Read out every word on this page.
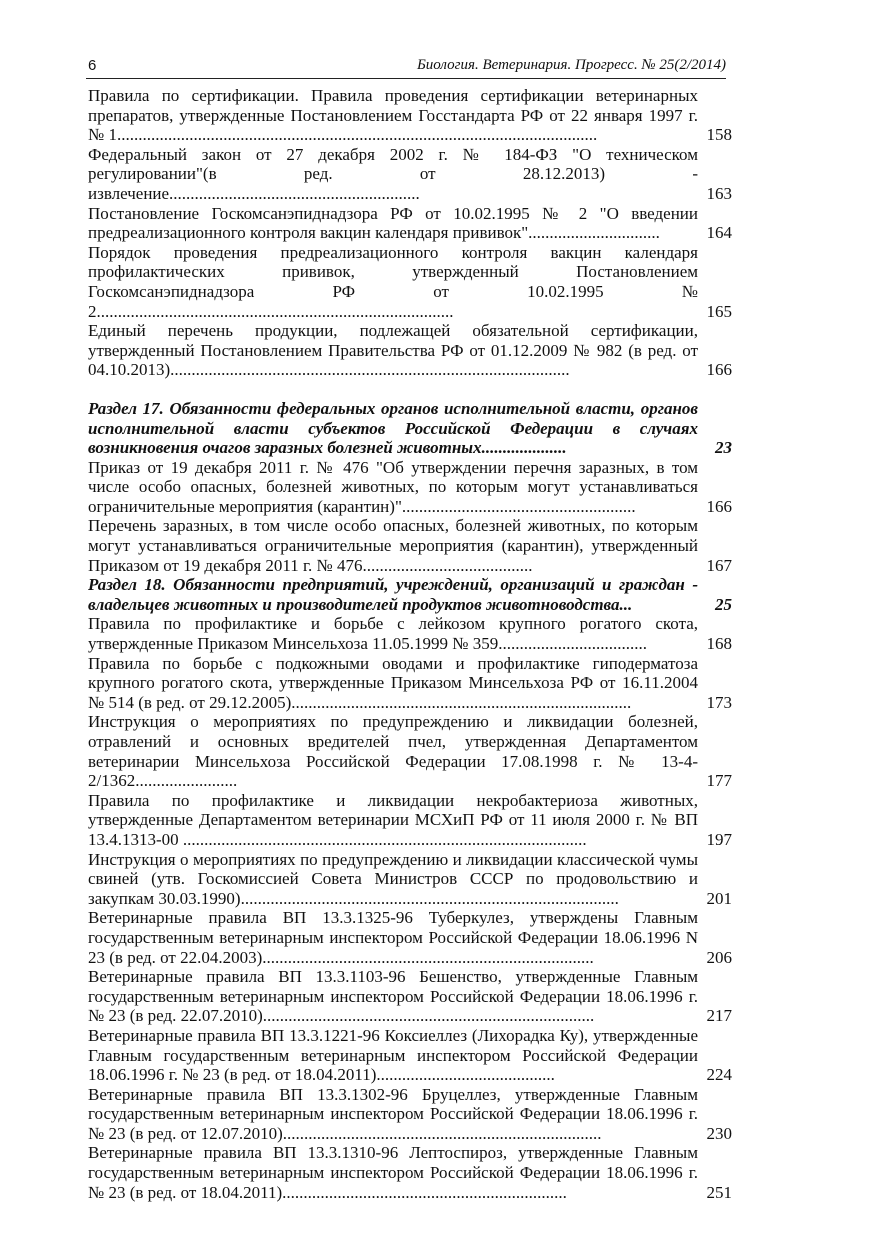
6	Биология. Ветеринария. Прогресс. № 25(2/2014)

Правила по сертификации. Правила проведения сертификации ветеринарных препаратов, утвержденные Постановлением Госстандарта РФ от 22 января 1997 г. № 1.................................................................................................................	158

Федеральный закон от 27 декабря 2002 г. № 184-ФЗ "О техническом регулировании"(в ред. от 28.12.2013) - извлечение...........................................................	163

Постановление Госкомсанэпиднадзора РФ от 10.02.1995 № 2 "О введении предреализационного контроля вакцин календаря прививок"...............................	164

Порядок проведения предреализационного контроля вакцин календаря профилактических прививок, утвержденный Постановлением Госкомсанэпиднадзора РФ от 10.02.1995 № 2....................................................................................	165

Единый перечень продукции, подлежащей обязательной сертификации, утвержденный Постановлением Правительства РФ от 01.12.2009 № 982 (в ред. от 04.10.2013)..............................................................................................	166

Раздел 17. Обязанности федеральных органов исполнительной власти, органов исполнительной власти субъектов Российской Федерации в случаях возникновения очагов заразных болезней животных....................	23

Приказ от 19 декабря 2011 г. № 476 "Об утверждении перечня заразных, в том числе особо опасных, болезней животных, по которым могут устанавливаться ограничительные мероприятия (карантин)".......................................................	166

Перечень заразных, в том числе особо опасных, болезней животных, по которым могут устанавливаться ограничительные мероприятия (карантин), утвержденный Приказом от 19 декабря 2011 г. № 476........................................	167

Раздел 18. Обязанности предприятий, учреждений, организаций и граждан - владельцев животных и производителей продуктов животноводства...	25

Правила по профилактике и борьбе с лейкозом крупного рогатого скота, утвержденные Приказом Минсельхоза 11.05.1999 № 359...................................	168

Правила по борьбе с подкожными оводами и профилактике гиподерматоза крупного рогатого скота, утвержденные Приказом Минсельхоза РФ от 16.11.2004 № 514 (в ред. от 29.12.2005)................................................................................	173

Инструкция о мероприятиях по предупреждению и ликвидации болезней, отравлений и основных вредителей пчел, утвержденная Департаментом ветеринарии Минсельхоза Российской Федерации 17.08.1998 г. № 13-4-2/1362........................	177

Правила по профилактике и ликвидации некробактериоза животных, утвержденные Департаментом ветеринарии МСХиП РФ от 11 июля 2000 г. № ВП 13.4.1313-00 ...............................................................................................	197

Инструкция о мероприятиях по предупреждению и ликвидации классической чумы свиней (утв. Госкомиссией Совета Министров СССР по продовольствию и закупкам 30.03.1990).........................................................................................	201

Ветеринарные правила ВП 13.3.1325-96 Туберкулез, утверждены Главным государственным ветеринарным инспектором Российской Федерации 18.06.1996 N 23 (в ред. от 22.04.2003)..............................................................................	206

Ветеринарные правила ВП 13.3.1103-96 Бешенство, утвержденные Главным государственным ветеринарным инспектором Российской Федерации 18.06.1996 г. № 23 (в ред. 22.07.2010)..............................................................................	217

Ветеринарные правила ВП 13.3.1221-96 Коксиеллез (Лихорадка Ку), утвержденные Главным государственным ветеринарным инспектором Российской Федерации 18.06.1996 г. № 23 (в ред. от 18.04.2011)..........................................	224

Ветеринарные правила ВП 13.3.1302-96 Бруцеллез, утвержденные Главным государственным ветеринарным инспектором Российской Федерации 18.06.1996 г. № 23 (в ред. от 12.07.2010)...........................................................................	230

Ветеринарные правила ВП 13.3.1310-96 Лептоспироз, утвержденные Главным государственным ветеринарным инспектором Российской Федерации 18.06.1996 г. № 23 (в ред. от 18.04.2011)...................................................................	251
